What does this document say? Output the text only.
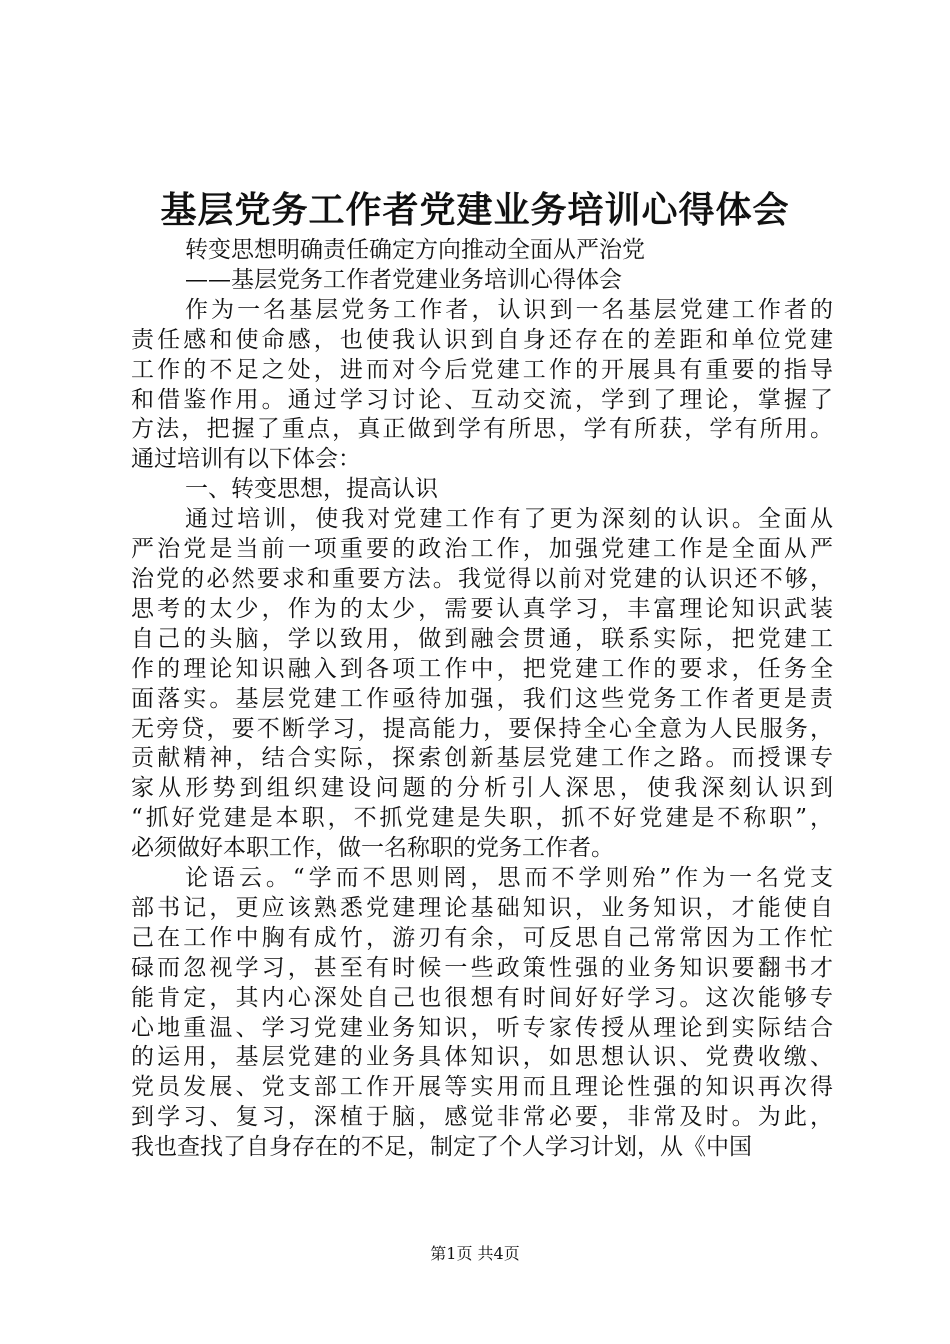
基层党务工作者党建业务培训心得体会
转变思想明确责任确定方向推动全面从严治党
——基层党务工作者党建业务培训心得体会
作为一名基层党务工作者，认识到一名基层党建工作者的
责任感和使命感，也使我认识到自身还存在的差距和单位党建
工作的不足之处，进而对今后党建工作的开展具有重要的指导
和借鉴作用。通过学习讨论、互动交流，学到了理论，掌握了
方法，把握了重点，真正做到学有所思，学有所获，学有所用。
通过培训有以下体会：
一、转变思想，提高认识
通过培训，使我对党建工作有了更为深刻的认识。全面从
严治党是当前一项重要的政治工作，加强党建工作是全面从严
治党的必然要求和重要方法。我觉得以前对党建的认识还不够，
思考的太少，作为的太少，需要认真学习，丰富理论知识武装
自己的头脑，学以致用，做到融会贯通，联系实际，把党建工
作的理论知识融入到各项工作中，把党建工作的要求，任务全
面落实。基层党建工作亟待加强，我们这些党务工作者更是责
无旁贷，要不断学习，提高能力，要保持全心全意为人民服务，
贡献精神，结合实际，探索创新基层党建工作之路。而授课专
家从形势到组织建设问题的分析引人深思，使我深刻认识到
“抓好党建是本职，不抓党建是失职，抓不好党建是不称职”，
必须做好本职工作，做一名称职的党务工作者。
论语云。“学而不思则罔，思而不学则殆”作为一名党支
部书记，更应该熟悉党建理论基础知识，业务知识，才能使自
己在工作中胸有成竹，游刃有余，可反思自己常常因为工作忙
碌而忽视学习，甚至有时候一些政策性强的业务知识要翻书才
能肯定，其内心深处自己也很想有时间好好学习。这次能够专
心地重温、学习党建业务知识，听专家传授从理论到实际结合
的运用，基层党建的业务具体知识，如思想认识、党费收缴、
党员发展、党支部工作开展等实用而且理论性强的知识再次得
到学习、复习，深植于脑，感觉非常必要，非常及时。为此，
我也查找了自身存在的不足，制定了个人学习计划，从《中国
第1页 共4页
